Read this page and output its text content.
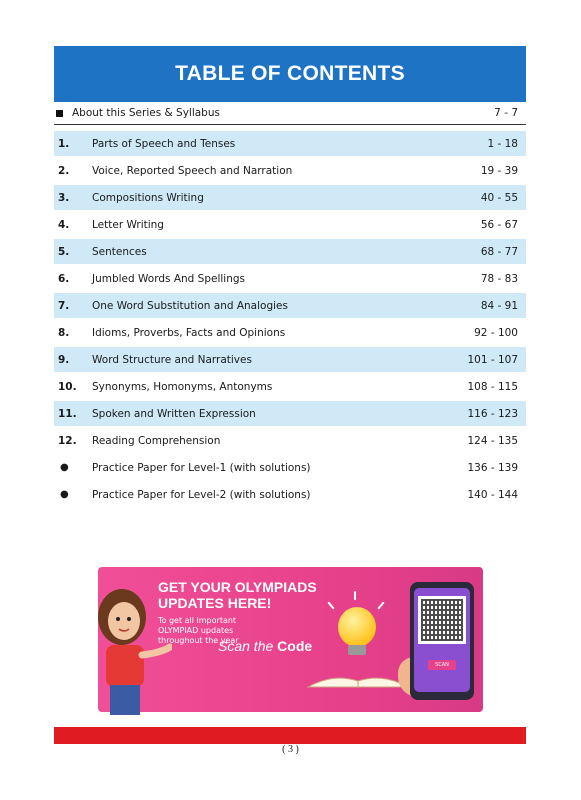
TABLE OF CONTENTS
About this Series & Syllabus	7 - 7
1.	Parts of Speech and Tenses	1 - 18
2.	Voice, Reported Speech and Narration	19 - 39
3.	Compositions Writing	40 - 55
4.	Letter Writing	56 - 67
5.	Sentences	68 - 77
6.	Jumbled Words And Spellings	78 - 83
7.	One Word Substitution and Analogies	84 - 91
8.	Idioms, Proverbs, Facts and Opinions	92 - 100
9.	Word Structure and Narratives	101 - 107
10.	Synonyms, Homonyms, Antonyms	108 - 115
11.	Spoken and Written Expression	116 - 123
12.	Reading Comprehension	124 - 135
●	Practice Paper for Level-1 (with solutions)	136 - 139
●	Practice Paper for Level-2 (with solutions)	140 - 144
GET YOUR OLYMPIADS
UPDATES HERE!
To get all important OLYMPIAD updates throughout the year
Scan the Code
SCAN
( 3 )
